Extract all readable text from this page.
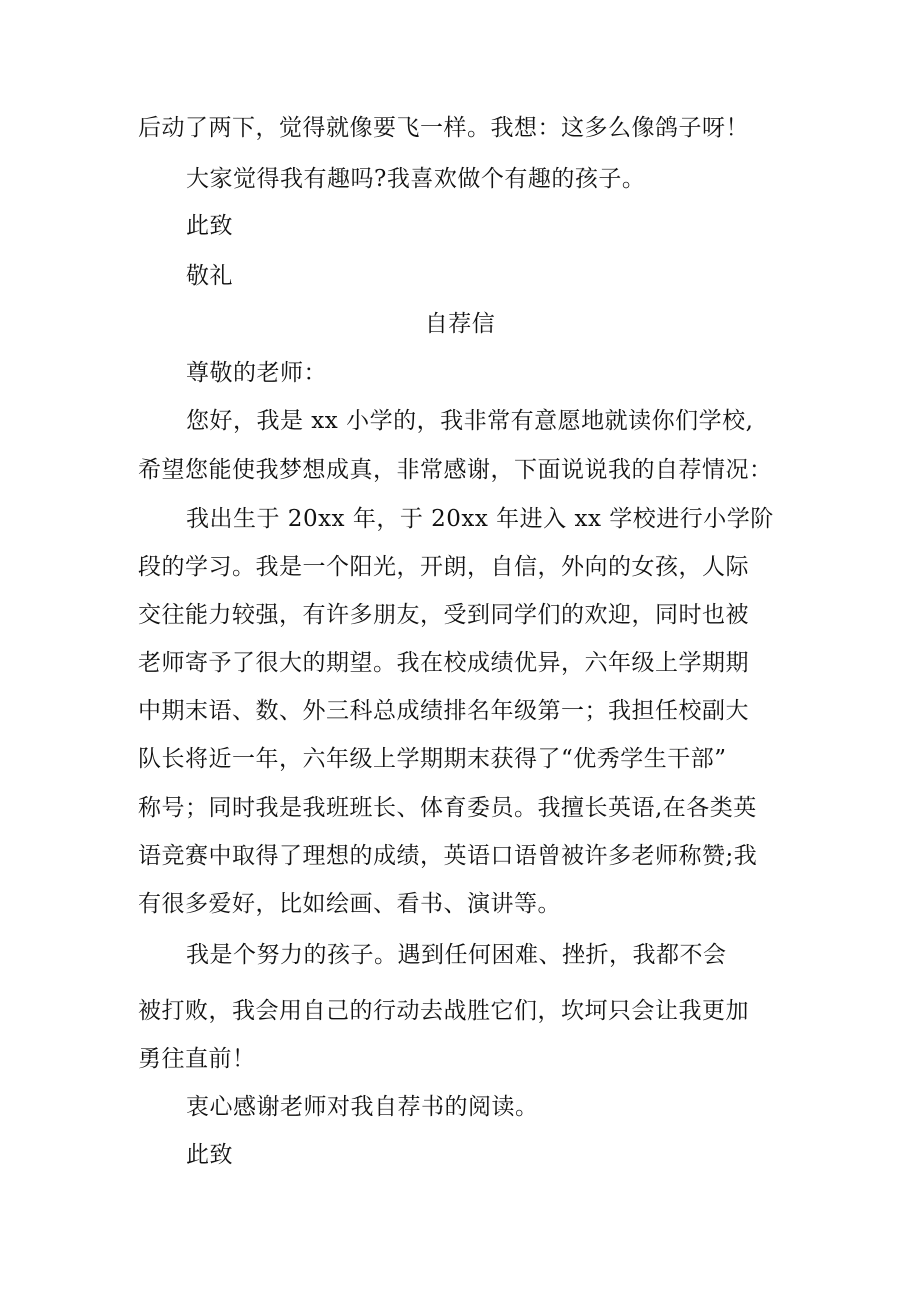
后动了两下，觉得就像要飞一样。我想：这多么像鸽子呀！
大家觉得我有趣吗?我喜欢做个有趣的孩子。
此致
敬礼
自荐信
尊敬的老师：
您好，我是 xx 小学的，我非常有意愿地就读你们学校,
希望您能使我梦想成真，非常感谢，下面说说我的自荐情况：
我出生于 20xx 年，于 20xx 年进入 xx 学校进行小学阶
段的学习。我是一个阳光，开朗，自信，外向的女孩，人际
交往能力较强，有许多朋友，受到同学们的欢迎，同时也被
老师寄予了很大的期望。我在校成绩优异，六年级上学期期
中期末语、数、外三科总成绩排名年级第一；我担任校副大
队长将近一年，六年级上学期期末获得了“优秀学生干部”
称号；同时我是我班班长、体育委员。我擅长英语,在各类英
语竞赛中取得了理想的成绩，英语口语曾被许多老师称赞;我
有很多爱好，比如绘画、看书、演讲等。
我是个努力的孩子。遇到任何困难、挫折，我都不会
被打败，我会用自己的行动去战胜它们，坎坷只会让我更加
勇往直前！
衷心感谢老师对我自荐书的阅读。
此致
